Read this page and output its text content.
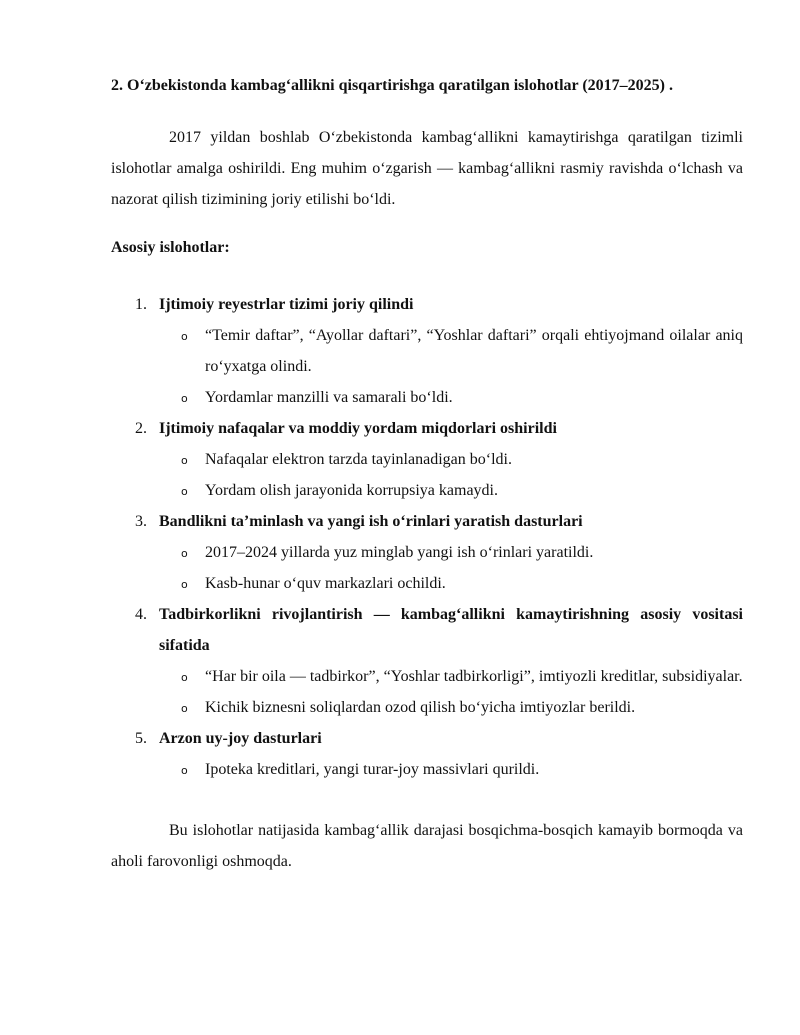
2. O‘zbekistonda kambag‘allikni qisqartirishga qaratilgan islohotlar (2017–2025) .

2017 yildan boshlab O‘zbekistonda kambag‘allikni kamaytirishga qaratilgan tizimli islohotlar amalga oshirildi. Eng muhim o‘zgarish — kambag‘allikni rasmiy ravishda o‘lchash va nazorat qilish tizimining joriy etilishi bo‘ldi.

Asosiy islohotlar:

1. Ijtimoiy reyestrlar tizimi joriy qilindi
o	“Temir daftar”, “Ayollar daftari”, “Yoshlar daftari” orqali ehtiyojmand oilalar aniq ro‘yxatga olindi.
o	Yordamlar manzilli va samarali bo‘ldi.
2. Ijtimoiy nafaqalar va moddiy yordam miqdorlari oshirildi
o	Nafaqalar elektron tarzda tayinlanadigan bo‘ldi.
o	Yordam olish jarayonida korrupsiya kamaydi.
3. Bandlikni ta’minlash va yangi ish o‘rinlari yaratish dasturlari
o	2017–2024 yillarda yuz minglab yangi ish o‘rinlari yaratildi.
o	Kasb-hunar o‘quv markazlari ochildi.
4. Tadbirkorlikni rivojlantirish — kambag‘allikni kamaytirishning asosiy vositasi sifatida
o	“Har bir oila — tadbirkor”, “Yoshlar tadbirkorligi”, imtiyozli kreditlar, subsidiyalar.
o	Kichik biznesni soliqlardan ozod qilish bo‘yicha imtiyozlar berildi.
5. Arzon uy-joy dasturlari
o	Ipoteka kreditlari, yangi turar-joy massivlari qurildi.

Bu islohotlar natijasida kambag‘allik darajasi bosqichma-bosqich kamayib bormoqda va aholi farovonligi oshmoqda.
